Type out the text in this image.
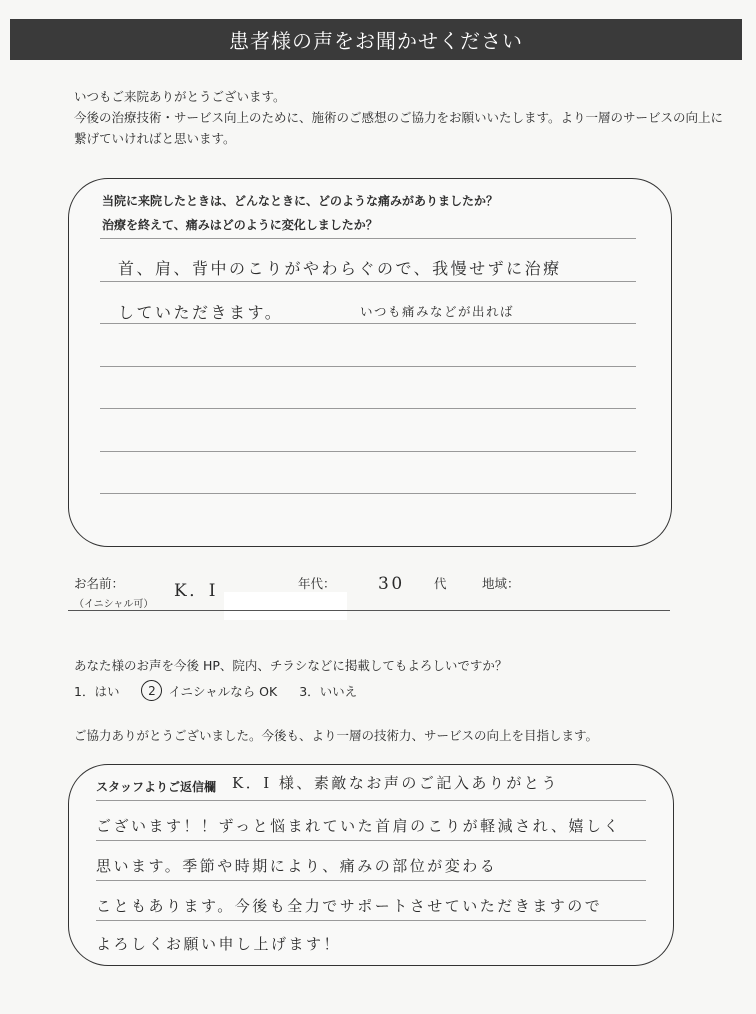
患者様の声をお聞かせください

いつもご来院ありがとうございます。

今後の治療技術・サービス向上のために、施術のご感想のご協力をお願いいたします。より一層のサービスの向上に

繋げていければと思います。

当院に来院したときは、どんなときに、どのような痛みがありましたか？
治療を終えて、痛みはどのように変化しましたか？
首、肩、背中のこりがやわらぐので、我慢せずに治療
していただきます。	いつも痛みなどが出れば
お名前：
（イニシャル可）
K．I	年代： 30 代	地域：
あなた様のお声を今後 HP、院内、チラシなどに掲載してもよろしいですか？
1．はい	2	イニシャルなら OK 3．いいえ
ご協力ありがとうございました。今後も、より一層の技術力、サービスの向上を目指します。
スタッフよりご返信欄 K．I 様、素敵なお声のご記入ありがとう
ございます！！ずっと悩まれていた首肩のこりが軽減され、嬉しく
思います。季節や時期により、痛みの部位が変わる
こともあります。今後も全力でサポートさせていただきますので
よろしくお願い申し上げます！
